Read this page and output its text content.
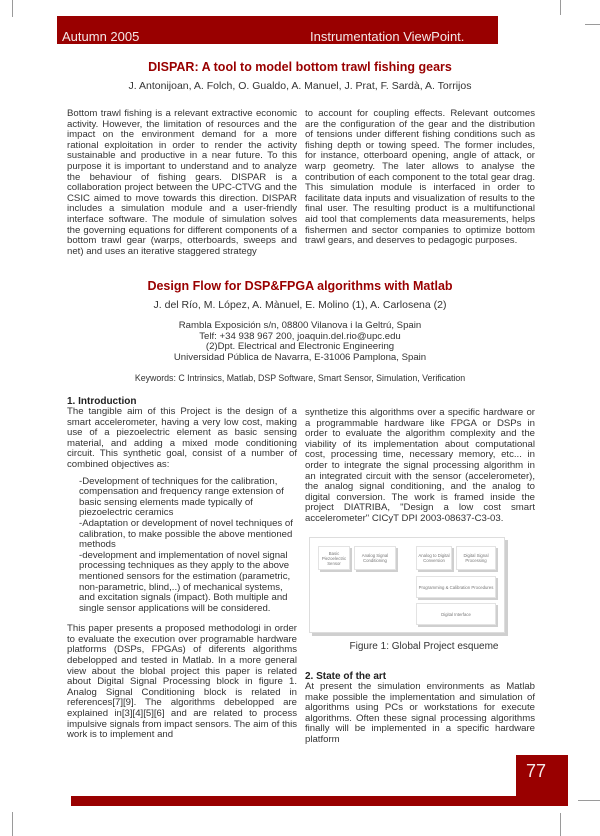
Autumn 2005	Instrumentation ViewPoint.
DISPAR: A tool to model bottom trawl fishing gears
J. Antonijoan, A. Folch, O. Gualdo, A. Manuel, J. Prat, F. Sardà, A. Torrijos

Bottom trawl fishing is a relevant extractive economic activity. However, the limitation of resources and the impact on the environment demand for a more rational exploitation in order to render the activity sustainable and productive in a near future. To this purpose it is important to understand and to analyze the behaviour of fishing gears. DISPAR is a collaboration project between the UPC-CTVG and the CSIC aimed to move towards this direction. DISPAR includes a simulation module and a user-friendly interface software. The module of simulation solves the governing equations for different components of a bottom trawl gear (warps, otterboards, sweeps and net) and uses an iterative staggered strategy

to account for coupling effects. Relevant outcomes are the configuration of the gear and the distribution of tensions under different fishing conditions such as fishing depth or towing speed. The former includes, for instance, otterboard opening, angle of attack, or warp geometry. The later allows to analyse the contribution of each component to the total gear drag. This simulation module is interfaced in order to facilitate data inputs and visualization of results to the final user. The resulting product is a multifunctional aid tool that complements data measurements, helps fishermen and sector companies to optimize bottom trawl gears, and deserves to pedagogic purposes.

Design Flow for DSP&FPGA algorithms with Matlab
J. del Río, M. López, A. Mànuel, E. Molino (1), A. Carlosena (2)
Rambla Exposición s/n, 08800 Vilanova i la Geltrú, Spain
Telf: +34 938 967 200, joaquin.del.rio@upc.edu
(2)Dpt. Electrical and Electronic Engineering
Universidad Pública de Navarra, E-31006 Pamplona, Spain
Keywords: C Intrinsics, Matlab, DSP Software, Smart Sensor, Simulation, Verification
1. Introduction

The tangible aim of this Project is the design of a smart accelerometer, having a very low cost, making use of a piezoelectric element as basic sensing material, and adding a mixed mode conditioning circuit. This synthetic goal, consist of a number of combined objectives as:

-Development of techniques for the calibration, compensation and frequency range extension of basic sensing elements made typically of piezoelectric ceramics
-Adaptation or development of novel techniques of calibration, to make possible the above mentioned methods
-development and implementation of novel signal processing techniques as they apply to the above mentioned sensors for the estimation (parametric, non-parametric, blind,..) of mechanical systems, and excitation signals (impact). Both multiple and single sensor applications will be considered.

This paper presents a proposed methodologi in order to evaluate the execution over programable hardware platforms (DSPs, FPGAs) of diferents algorithms debelopped and tested in Matlab. In a more general view about the blobal project this paper is related about Digital Signal Processing block in figure 1. Analog Signal Conditioning block is related in references[7][9]. The algorithms debelopped are explained in[3][4][5][6] and are related to process impulsive signals from impact sensors. The aim of this work is to implement and

synthetize this algorithms over a specific hardware or a programmable hardware like FPGA or DSPs in order to evaluate the algorithm complexity and the viability of its implementation about computational cost, processing time, necessary memory, etc... in order to integrate the signal processing algorithm in an integrated circuit with the sensor (accelerometer), the analog signal conditioning, and the analog to digital conversion. The work is framed inside the project DIATRIBA, "Design a low cost smart accelerometer" CICyT DPI 2003-08637-C3-03.

Basic Piezoelectric Sensor
Analog Signal Conditioning
Analog to Digital Conversion
Digital Signal Processing
Programming & Calibration Procedures
Digital Interface
Figure 1: Global Project esqueme
2. State of the art

At present the simulation environments as Matlab make possible the implementation and simulation of algorithms using PCs or workstations for execute algorithms. Often these signal processing algorithms finally will be implemented in a specific hardware platform

77
